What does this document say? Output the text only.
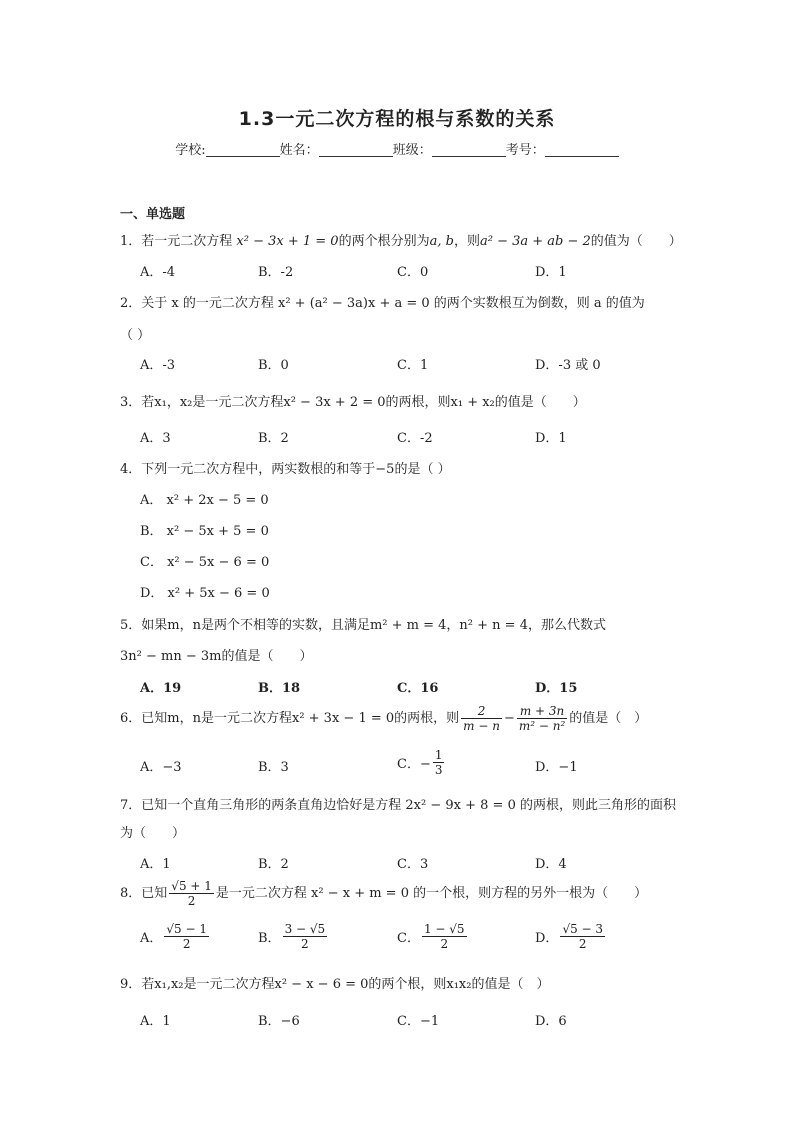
1.3一元二次方程的根与系数的关系
学校:	姓名：	班级：	考号：
一、单选题
1．若一元二次方程 x² − 3x + 1 = 0的两个根分别为a, b，则a² − 3a + ab − 2的值为（　　）
A．-4	B．-2	C．0	D．1
2．关于 x 的一元二次方程 x² + (a² − 3a)x + a = 0 的两个实数根互为倒数，则 a 的值为
（ ）
A．-3	B．0	C．1	D．-3 或 0
3．若x₁，x₂是一元二次方程x² − 3x + 2 = 0的两根，则x₁ + x₂的值是（　　）
A．3	B．2	C．-2	D．1
4．下列一元二次方程中，两实数根的和等于−5的是（ ）
A． x² + 2x − 5 = 0
B． x² − 5x + 5 = 0
C． x² − 5x − 6 = 0
D． x² + 5x − 6 = 0
5．如果m，n是两个不相等的实数，且满足m² + m = 4，n² + n = 4，那么代数式
3n² − mn − 3m的值是（　　）
A．19	B．18	C．16	D．15
6．已知m，n是一元二次方程x² + 3x − 1 = 0的两根，则 $\frac{2}{m - n} - \frac{m + 3n}{\text{m² − n²}}$ 的值是（　）
A．−3	B．3	C．− $\frac{1}{3}$	D．−1
7．已知一个直角三角形的两条直角边恰好是方程 2x² − 9x + 8 = 0 的两根，则此三角形的面积
为（　　）
A．1	B．2	C．3	D．4
8．已知 $\frac{√5 + 1}{2}$ 是一元二次方程 x² − x + m = 0 的一个根，则方程的另外一根为（　　）
A． $\frac{√5 - 1}{2}$	B． $\frac{3 - √5}{2}$	C． $\frac{1 - √5}{2}$	D． $\frac{√5 - 3}{2}$
9．若x₁,x₂是一元二次方程x² − x − 6 = 0的两个根，则x₁x₂的值是（　）
A．1	B．−6	C．−1	D．6
